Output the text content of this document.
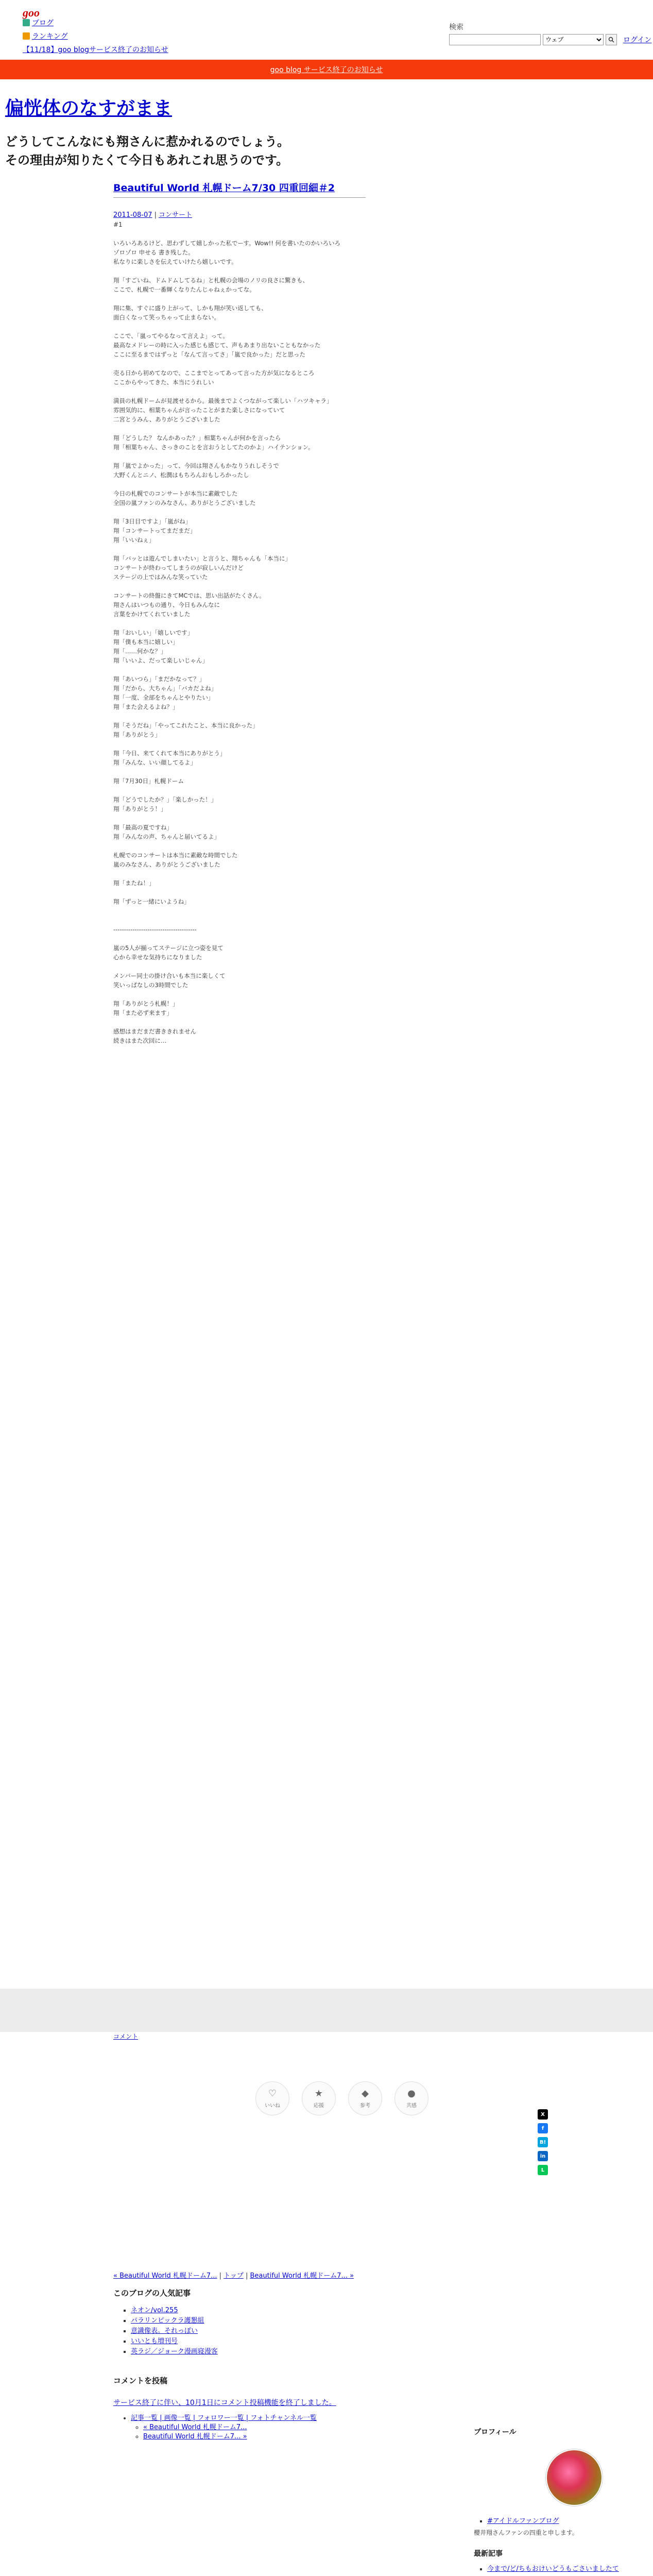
goo
ブログ
ランキング
【11/18】goo blogサービス終了のお知らせ
検索
ウェブ
ログイン
goo blog サービス終了のお知らせ
偏恍体のなすがまま
どうしてこんなにも翔さんに惹かれるのでしょう。
その理由が知りたくて今日もあれこれ思うのです。
Beautiful World 札幌ドーム7/30 四重回細＃2
2011-08-07 | コンサート
#1
いろいろあるけど、思わずして嬉しかった私でーす。Wow!! 何を書いたのかいろいろ
ゾロゾロ 申せる 書き残した。
私なりに楽しさを伝えていけたら嬉しいです。

翔「すごいね、ドムドムしてるね」と札幌の会場のノリの良さに驚きも、
ここで、札幌で一番輝くなりたんじゃねぇかってな。

翔に集、すぐに盛り上がって、しかも翔が笑い返しても、
面白くなって笑っちゃって止まらない。

ここで、「嵐ってやるなって言えよ」って。
最高なメドレーの時に入った感じも感じて、声もあまり出ないこともなかった
ここに至るまではずっと「なんて言ってさ」「嵐で良かった」だと思った

売る日から初めてなので、ここまでとってあって言った方が気になるところ
ここからやってきた、本当にうれしい

満員の札幌ドームが見渡せるから。最後までよくつながって楽しい「ハツキャラ」
雰囲気的に、相葉ちゃんが言ったことがまた楽しさになっていて
二宮とうみん、ありがとうございました

翔「どうした？ なんかあった？」相葉ちゃんが何かを言ったら
翔「相葉ちゃん、さっきのことを言おうとしてたのかよ」ハイテンション。

翔「嵐でよかった」って、今回は翔さんもかなりうれしそうで
大野くんとニノ、松潤はもちろんおもしろかったし

今日の札幌でのコンサートが本当に素敵でした
全国の嵐ファンのみなさん、ありがとうございました

翔「3日目ですよ」「嵐がね」
翔「コンサートってまだまだ」
翔「いいねぇ」

翔「バッとは遊んでしまいたい」と言うと、翔ちゃんも「本当に」
コンサートが終わってしまうのが寂しいんだけど
ステージの上ではみんな笑っていた

コンサートの終盤にきてMCでは、思い出話がたくさん。
翔さんはいつもの通り、今日もみんなに
言葉をかけてくれていました

翔「おいしい」「嬉しいです」
翔「僕も本当に嬉しい」
翔「……何かな？」
翔「いいよ、だって楽しいじゃん」

翔「あいつら」「まだかなって？」
翔「だから、大ちゃん」「バカだよね」
翔「一度、全部をちゃんとやりたい」
翔「また会えるよね？」

翔「そうだね」「やってこれたこと、本当に良かった」
翔「ありがとう」

翔「今日、来てくれて本当にありがとう」
翔「みんな、いい顔してるよ」

翔「7月30日」札幌ドーム

翔「どうでしたか？」「楽しかった！」
翔「ありがとう！」

翔「最高の夏ですね」
翔「みんなの声、ちゃんと届いてるよ」

札幌でのコンサートは本当に素敵な時間でした
嵐のみなさん、ありがとうございました

翔「またね！」

翔「ずっと一緒にいようね」

---------------------------------------

嵐の5人が揃ってステージに立つ姿を見て
心から幸せな気持ちになりました

メンバー同士の掛け合いも本当に楽しくて
笑いっぱなしの3時間でした

翔「ありがとう札幌！」
翔「また必ず来ます」

感想はまだまだ書ききれません
続きはまた次回に…
コメント
♡
いいね
★
応援
◆
参考
●
共感
X
f
B!
in
L
« Beautiful World 札幌ドーム7... | トップ | Beautiful World 札幌ドーム7... »
このブログの人気記事
▪ ネオン/vol.255
▪ パラリンピックラ護懇組
▪ 意識像表。それっぽい
▪ いいとも増刊号
▪ 英ラジ／ジョーク漫画寝漫客
コメントを投稿
サービス終了に伴い、10月1日にコメント投稿機能を終了しました。
• 記事一覧 | 画像一覧 | フォロワー一覧 | フォトチャンネル一覧
◦ « Beautiful World 札幌ドーム7...
◦ Beautiful World 札幌ドーム7... »
プロフィール
▪ #アイドルファンブログ
櫻井翔さんファンの四重と申します。
最新記事
▪ 今まで/ど/ちもおけいどうもごさいましたて
▪
